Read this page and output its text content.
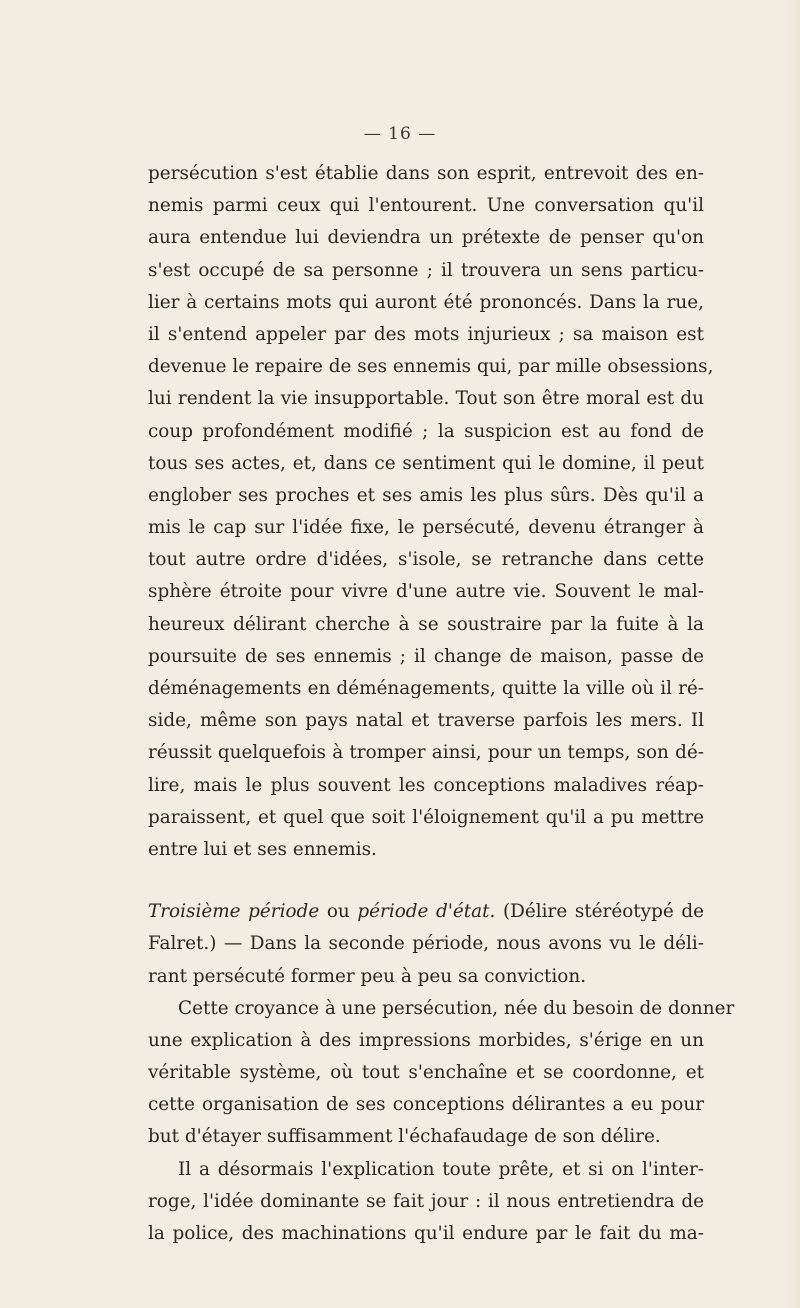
— 16 —
persécution s'est établie dans son esprit, entrevoit des en-
nemis parmi ceux qui l'entourent. Une conversation qu'il
aura entendue lui deviendra un prétexte de penser qu'on
s'est occupé de sa personne ; il trouvera un sens particu-
lier à certains mots qui auront été prononcés. Dans la rue,
il s'entend appeler par des mots injurieux ; sa maison est
devenue le repaire de ses ennemis qui, par mille obsessions,
lui rendent la vie insupportable. Tout son être moral est du
coup profondément modifié ; la suspicion est au fond de
tous ses actes, et, dans ce sentiment qui le domine, il peut
englober ses proches et ses amis les plus sûrs. Dès qu'il a
mis le cap sur l'idée fixe, le persécuté, devenu étranger à
tout autre ordre d'idées, s'isole, se retranche dans cette
sphère étroite pour vivre d'une autre vie. Souvent le mal-
heureux délirant cherche à se soustraire par la fuite à la
poursuite de ses ennemis ; il change de maison, passe de
déménagements en déménagements, quitte la ville où il ré-
side, même son pays natal et traverse parfois les mers. Il
réussit quelquefois à tromper ainsi, pour un temps, son dé-
lire, mais le plus souvent les conceptions maladives réap-
paraissent, et quel que soit l'éloignement qu'il a pu mettre
entre lui et ses ennemis.
Troisième période ou période d'état. (Délire stéréotypé de
Falret.) — Dans la seconde période, nous avons vu le déli-
rant persécuté former peu à peu sa conviction.
Cette croyance à une persécution, née du besoin de donner
une explication à des impressions morbides, s'érige en un
véritable système, où tout s'enchaîne et se coordonne, et
cette organisation de ses conceptions délirantes a eu pour
but d'étayer suffisamment l'échafaudage de son délire.
Il a désormais l'explication toute prête, et si on l'inter-
roge, l'idée dominante se fait jour : il nous entretiendra de
la police, des machinations qu'il endure par le fait du ma-
